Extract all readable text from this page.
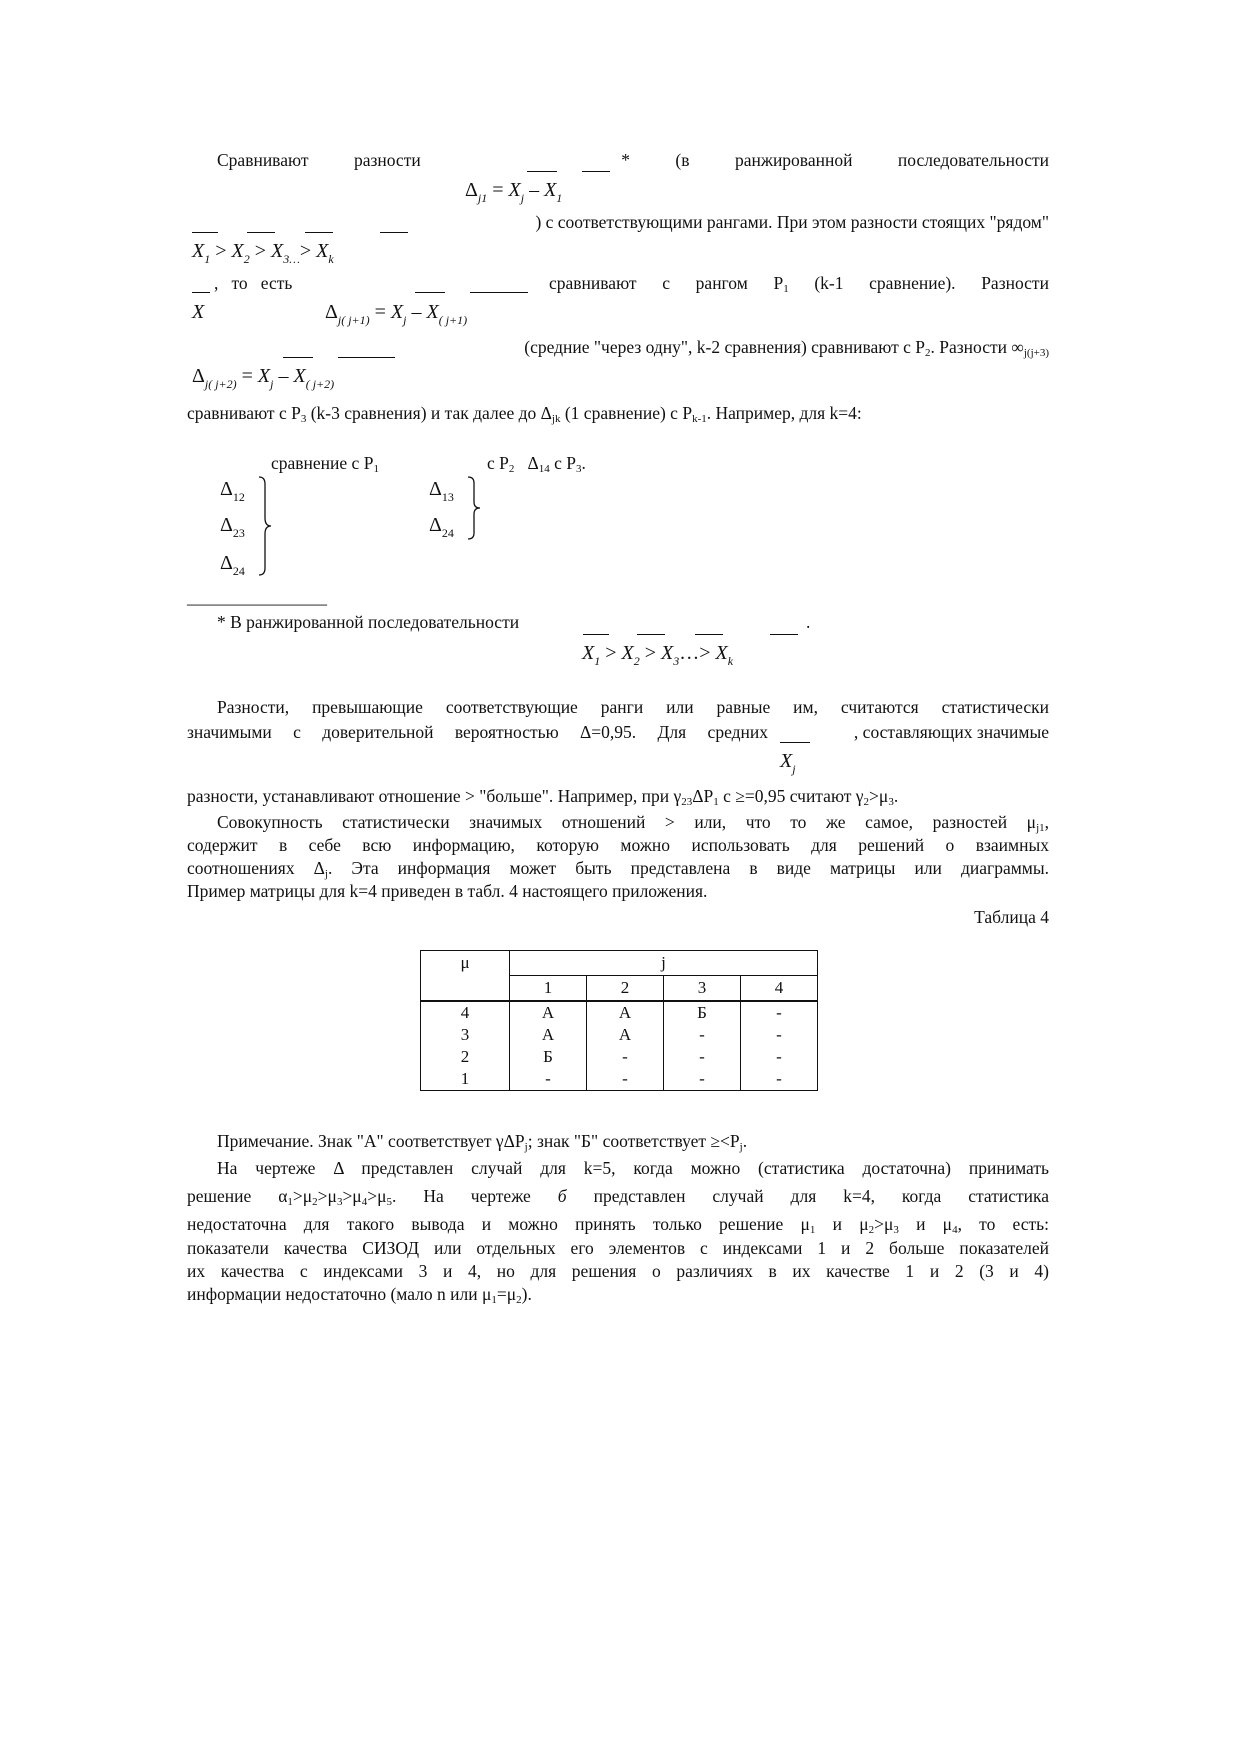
Сравнивают	разности	*	(в	ранжированной	последовательности
$\Delta_{j1} = X_j - X_1$
$X_1 > X_2 > X_{3\dots}> X_k$
) с соответствующими рангами. При этом разности стоящих "рядом"
X
, то есть	сравнивают с рангом $P_1$ (k-1 сравнение). Разности
$\Delta_{j( j+1)} = X_j - X_{( j+1)}$
(средние "через одну", k-2 сравнения) сравнивают с $P_2$. Разности $\infty_{j(j+3)}$
$\Delta_{j( j+2)} = X_j - X_{( j+2)}$
сравнивают с $P_3$ (k-3 сравнения) и так далее до $\Delta_{jk}$ (1 сравнение) с $P_{k-1}$. Например, для k=4:
сравнение с $P_1$	с $P_2$ $\Delta_{14}$ с $P_3$.
$\Delta_{12}$
$\Delta_{23}$
$\Delta_{24}$
$\Delta_{13}$
$\Delta_{24}$
________________
* В ранжированной последовательности
$X_1 > X_2$ > $X_3\dots> X_k$
.
Разности, превышающие соответствующие ранги или равные им, считаются статистически
значимыми с доверительной вероятностью Δ=0,95. Для средних
$X_j$
, составляющих значимые
разности, устанавливают отношение > "больше". Например, при $\gamma_{23}\Delta P_1$ с ≥=0,95 считают $\gamma_2>\mu_3$.
Совокупность статистически значимых отношений > или, что то же самое, разностей $\mu_{j1}$,
содержит в себе всю информацию, которую можно использовать для решений о взаимных
соотношениях $\Delta_j$. Эта информация может быть представлена в виде матрицы или диаграммы.
Пример матрицы для k=4 приведен в табл. 4 настоящего приложения.
Таблица 4
μ	j			
	1	2	3	4
4	А	А	Б	-
3	А	А	-	-
2	Б	-	-	-
1	-	-	-	-
Примечание. Знак "А" соответствует γΔP$_j$; знак "Б" соответствует $\ge<P_j$.
На чертеже Δ представлен случай для k=5, когда можно (статистика достаточна) принимать
решение $\alpha_1>\mu_2>\mu_3>\mu_4>\mu_5$. На чертеже б представлен случай для k=4, когда статистика
недостаточна для такого вывода и можно принять только решение $\mu_1$ и $\mu_2>\mu_3$ и $\mu_4$, то есть:
показатели качества СИЗОД или отдельных его элементов с индексами 1 и 2 больше показателей
их качества с индексами 3 и 4, но для решения о различиях в их качестве 1 и 2 (3 и 4)
информации недостаточно (мало n или $\mu_1=\mu_2$).
